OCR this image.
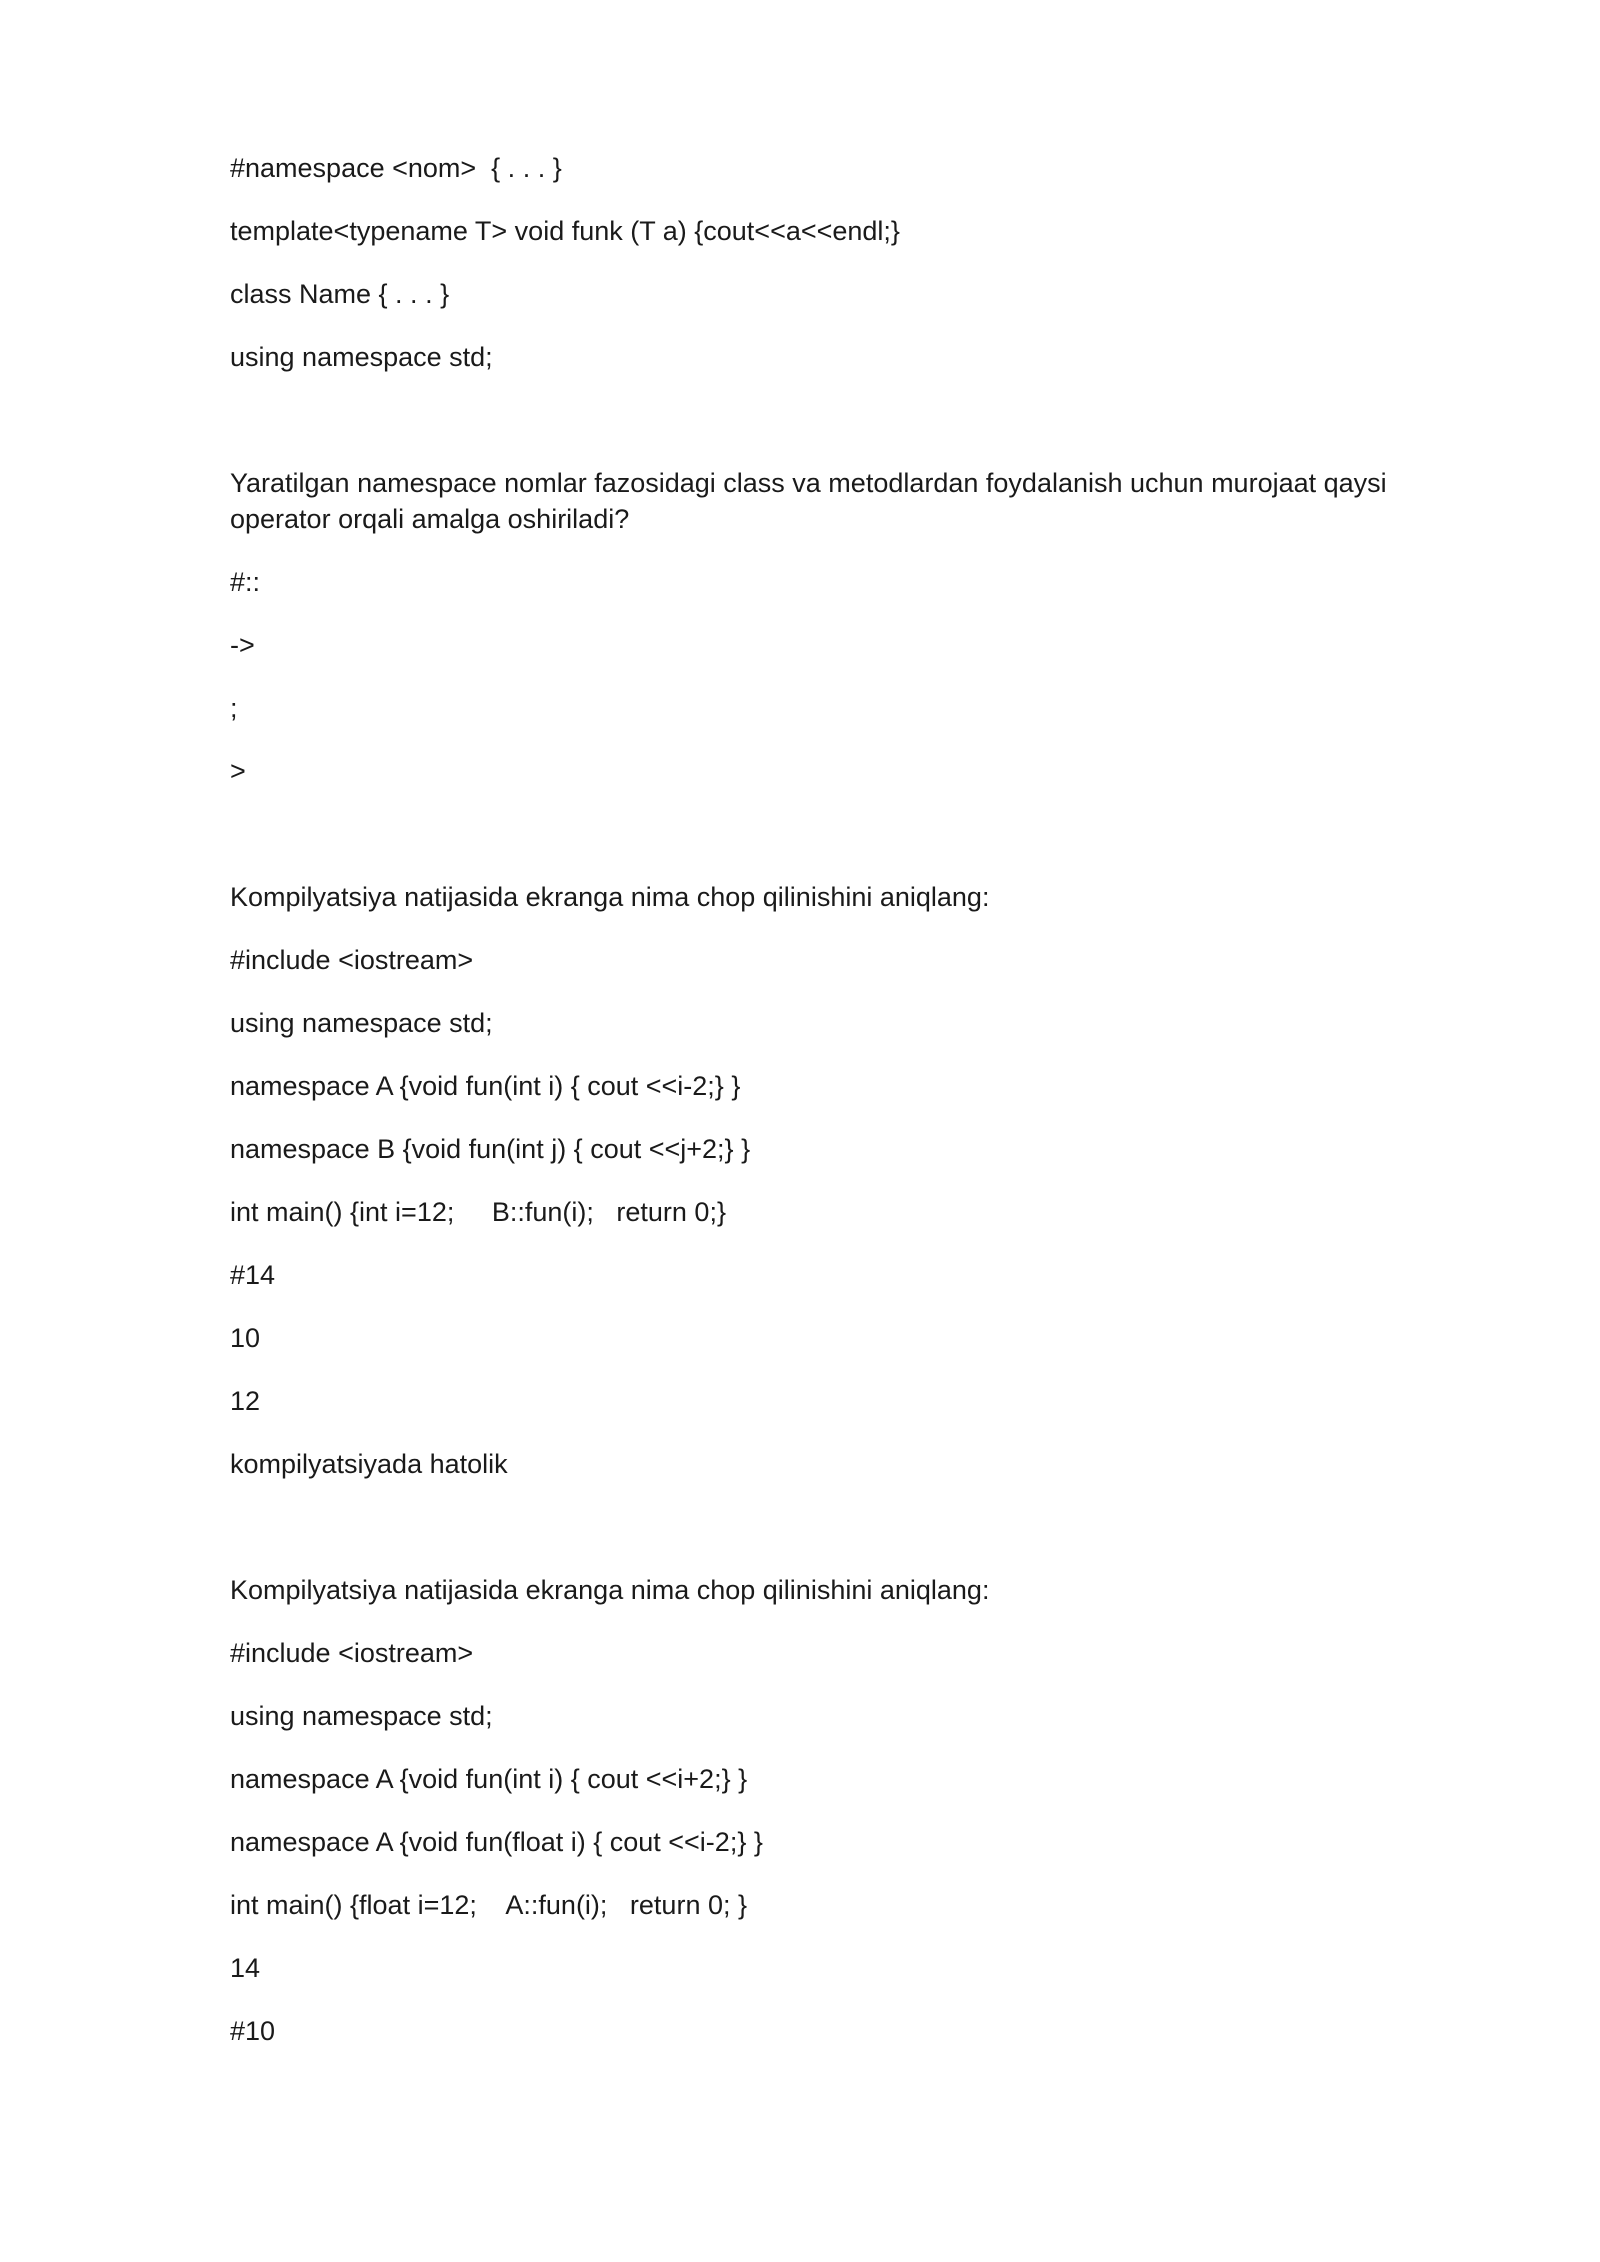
#namespace <nom>  { . . . }

template<typename T> void funk (T a) {cout<<a<<endl;}

class Name { . . . }

using namespace std;

Yaratilgan namespace nomlar fazosidagi class va metodlardan foydalanish uchun murojaat qaysi operator orqali amalga oshiriladi?

#::

->

;

>

Kompilyatsiya natijasida ekranga nima chop qilinishini aniqlang:

#include <iostream>

using namespace std;

namespace A {void fun(int i) { cout <<i-2;} }

namespace B {void fun(int j) { cout <<j+2;} }

int main() {int i=12;     B::fun(i);   return 0;}

#14

10

12

kompilyatsiyada hatolik

Kompilyatsiya natijasida ekranga nima chop qilinishini aniqlang:

#include <iostream>

using namespace std;

namespace A {void fun(int i) { cout <<i+2;} }

namespace A {void fun(float i) { cout <<i-2;} }

int main() {float i=12;    A::fun(i);   return 0; }

14

#10
